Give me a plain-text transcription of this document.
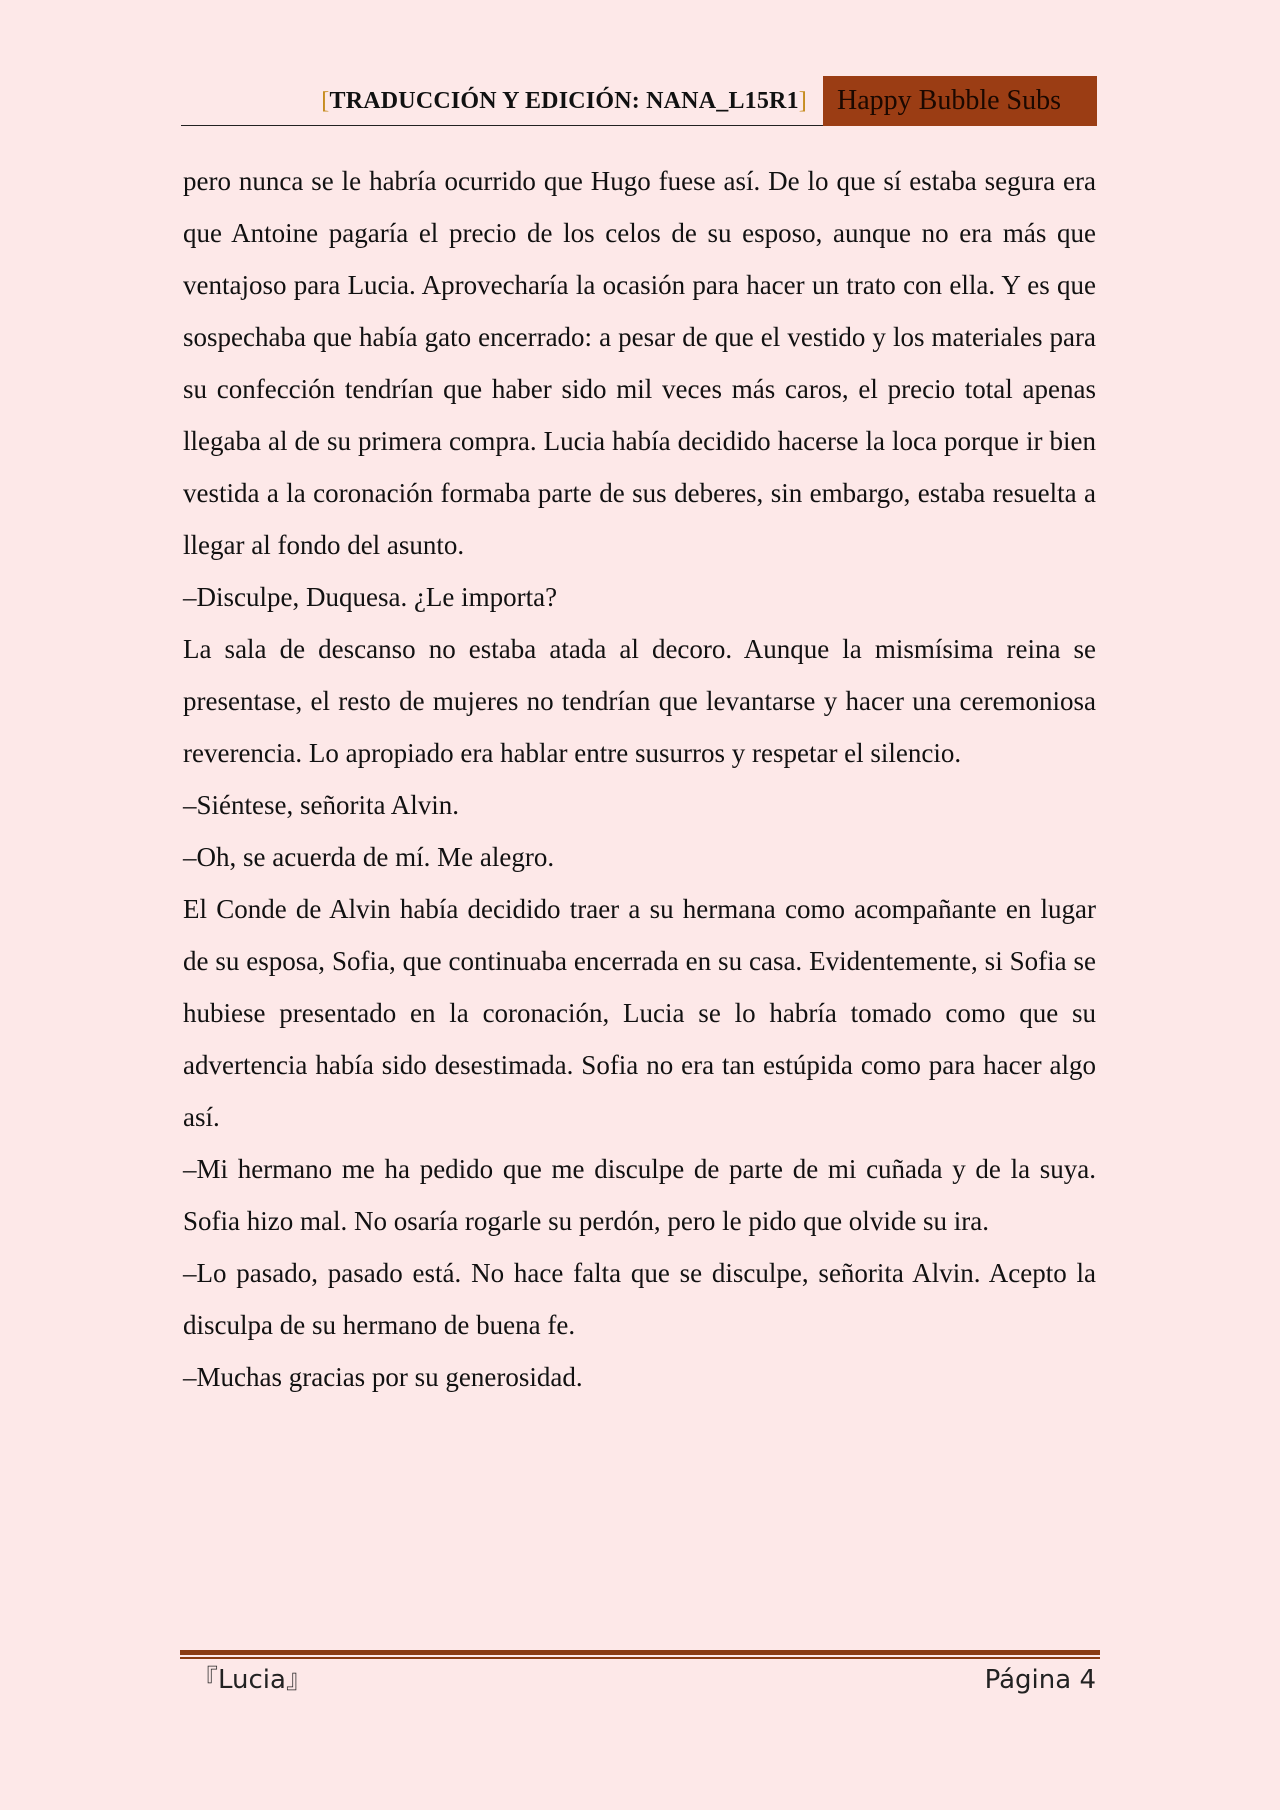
[TRADUCCIÓN Y EDICIÓN: NANA_L15R1]	Happy Bubble Subs

pero nunca se le habría ocurrido que Hugo fuese así. De lo que sí estaba segura era que Antoine pagaría el precio de los celos de su esposo, aunque no era más que ventajoso para Lucia. Aprovecharía la ocasión para hacer un trato con ella. Y es que sospechaba que había gato encerrado: a pesar de que el vestido y los materiales para su confección tendrían que haber sido mil veces más caros, el precio total apenas llegaba al de su primera compra. Lucia había decidido hacerse la loca porque ir bien vestida a la coronación formaba parte de sus deberes, sin embargo, estaba resuelta a llegar al fondo del asunto.

–Disculpe, Duquesa. ¿Le importa?

La sala de descanso no estaba atada al decoro. Aunque la mismísima reina se presentase, el resto de mujeres no tendrían que levantarse y hacer una ceremoniosa reverencia. Lo apropiado era hablar entre susurros y respetar el silencio.

–Siéntese, señorita Alvin.

–Oh, se acuerda de mí. Me alegro.

El Conde de Alvin había decidido traer a su hermana como acompañante en lugar de su esposa, Sofia, que continuaba encerrada en su casa. Evidentemente, si Sofia se hubiese presentado en la coronación, Lucia se lo habría tomado como que su advertencia había sido desestimada. Sofia no era tan estúpida como para hacer algo así.

–Mi hermano me ha pedido que me disculpe de parte de mi cuñada y de la suya. Sofia hizo mal. No osaría rogarle su perdón, pero le pido que olvide su ira.

–Lo pasado, pasado está. No hace falta que se disculpe, señorita Alvin. Acepto la disculpa de su hermano de buena fe.

–Muchas gracias por su generosidad.

『Lucia』	Página 4
